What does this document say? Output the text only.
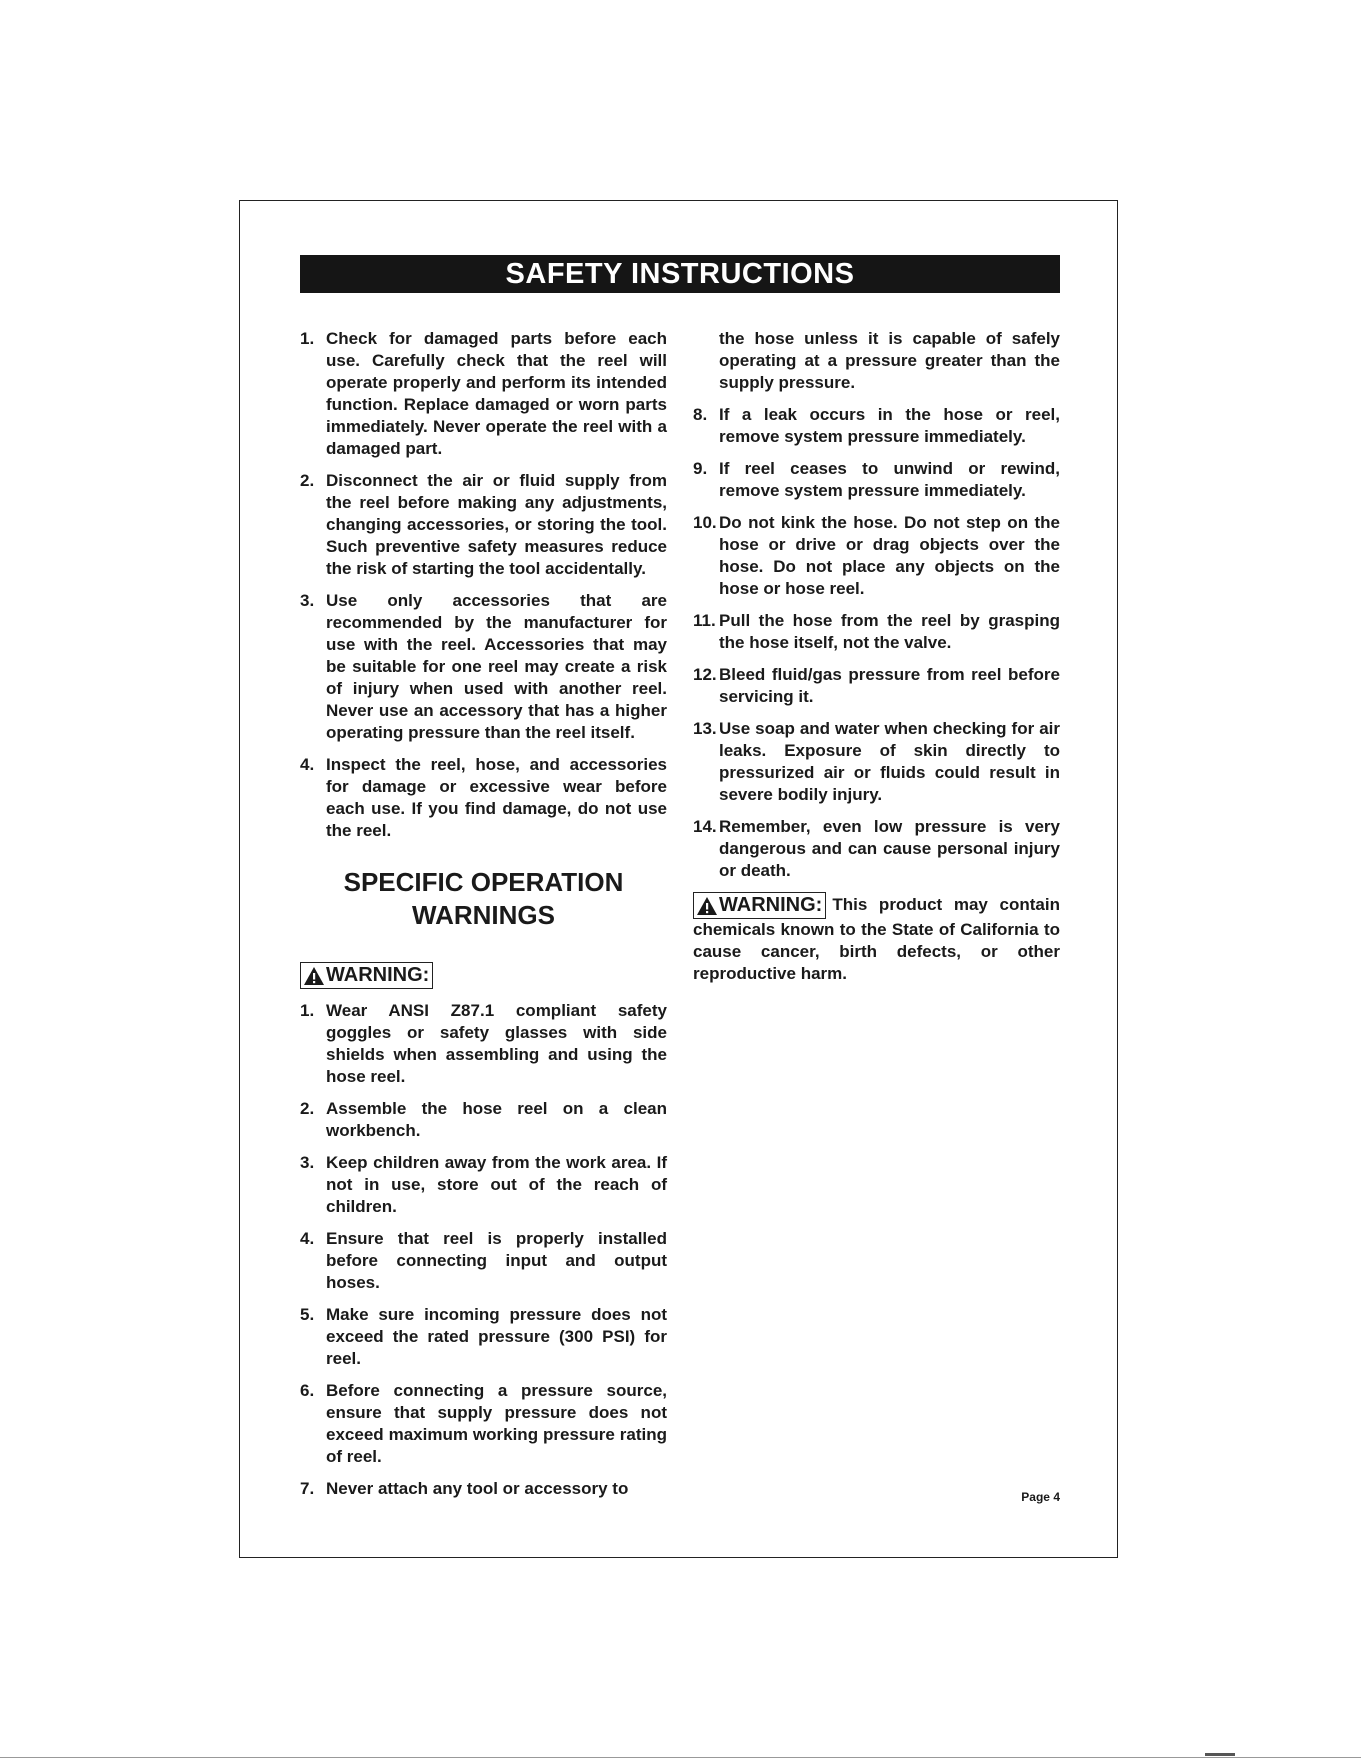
SAFETY INSTRUCTIONS
1. Check for damaged parts before each use. Carefully check that the reel will operate properly and perform its intended function. Replace damaged or worn parts immediately. Never operate the reel with a damaged part.
2. Disconnect the air or fluid supply from the reel before making any adjustments, changing accessories, or storing the tool. Such preventive safety measures reduce the risk of starting the tool accidentally.
3. Use only accessories that are recommended by the manufacturer for use with the reel. Accessories that may be suitable for one reel may create a risk of injury when used with another reel. Never use an accessory that has a higher operating pressure than the reel itself.
4. Inspect the reel, hose, and accessories for damage or excessive wear before each use. If you find damage, do not use the reel.
SPECIFIC OPERATION WARNINGS
WARNING:
1. Wear ANSI Z87.1 compliant safety goggles or safety glasses with side shields when assembling and using the hose reel.
2. Assemble the hose reel on a clean workbench.
3. Keep children away from the work area. If not in use, store out of the reach of children.
4. Ensure that reel is properly installed before connecting input and output hoses.
5. Make sure incoming pressure does not exceed the rated pressure (300 PSI) for reel.
6. Before connecting a pressure source, ensure that supply pressure does not exceed maximum working pressure rating of reel.
7. Never attach any tool or accessory to
the hose unless it is capable of safely operating at a pressure greater than the supply pressure.
8. If a leak occurs in the hose or reel, remove system pressure immediately.
9. If reel ceases to unwind or rewind, remove system pressure immediately.
10. Do not kink the hose. Do not step on the hose or drive or drag objects over the hose. Do not place any objects on the hose or hose reel.
11. Pull the hose from the reel by grasping the hose itself, not the valve.
12. Bleed fluid/gas pressure from reel before servicing it.
13. Use soap and water when checking for air leaks. Exposure of skin directly to pressurized air or fluids could result in severe bodily injury.
14. Remember, even low pressure is very dangerous and can cause personal injury or death.
WARNING: This product may contain chemicals known to the State of California to cause cancer, birth defects, or other reproductive harm.
Page 4
